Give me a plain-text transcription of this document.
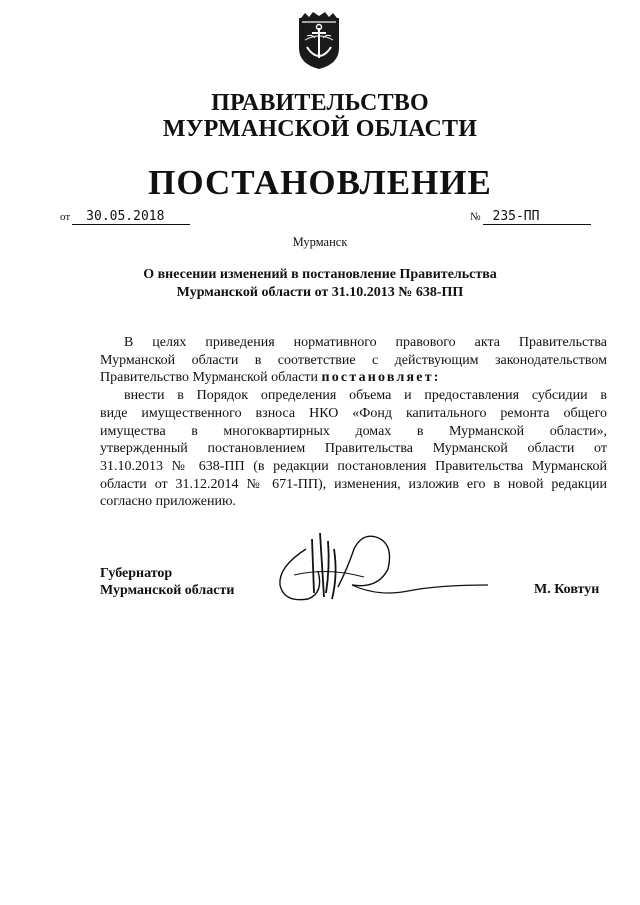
ПРАВИТЕЛЬСТВО
МУРМАНСКОЙ ОБЛАСТИ
ПОСТАНОВЛЕНИЕ
от	30.05.2018	№ 235-ПП
Мурманск
О внесении изменений в постановление Правительства
Мурманской области от 31.10.2013 № 638-ПП

В целях приведения нормативного правового акта Правительства

Мурманской области в соответствие с действующим законодательством

Правительство Мурманской области постановляет:

внести в Порядок определения объема и предоставления субсидии в

виде имущественного взноса НКО «Фонд капитального ремонта общего

имущества в многоквартирных домах в Мурманской области»,

утвержденный постановлением Правительства Мурманской области от

31.10.2013 № 638-ПП (в редакции постановления Правительства Мурманской

области от 31.12.2014 № 671-ПП), изменения, изложив его в новой редакции

согласно приложению.

Губернатор
Мурманской области	М. Ковтун
